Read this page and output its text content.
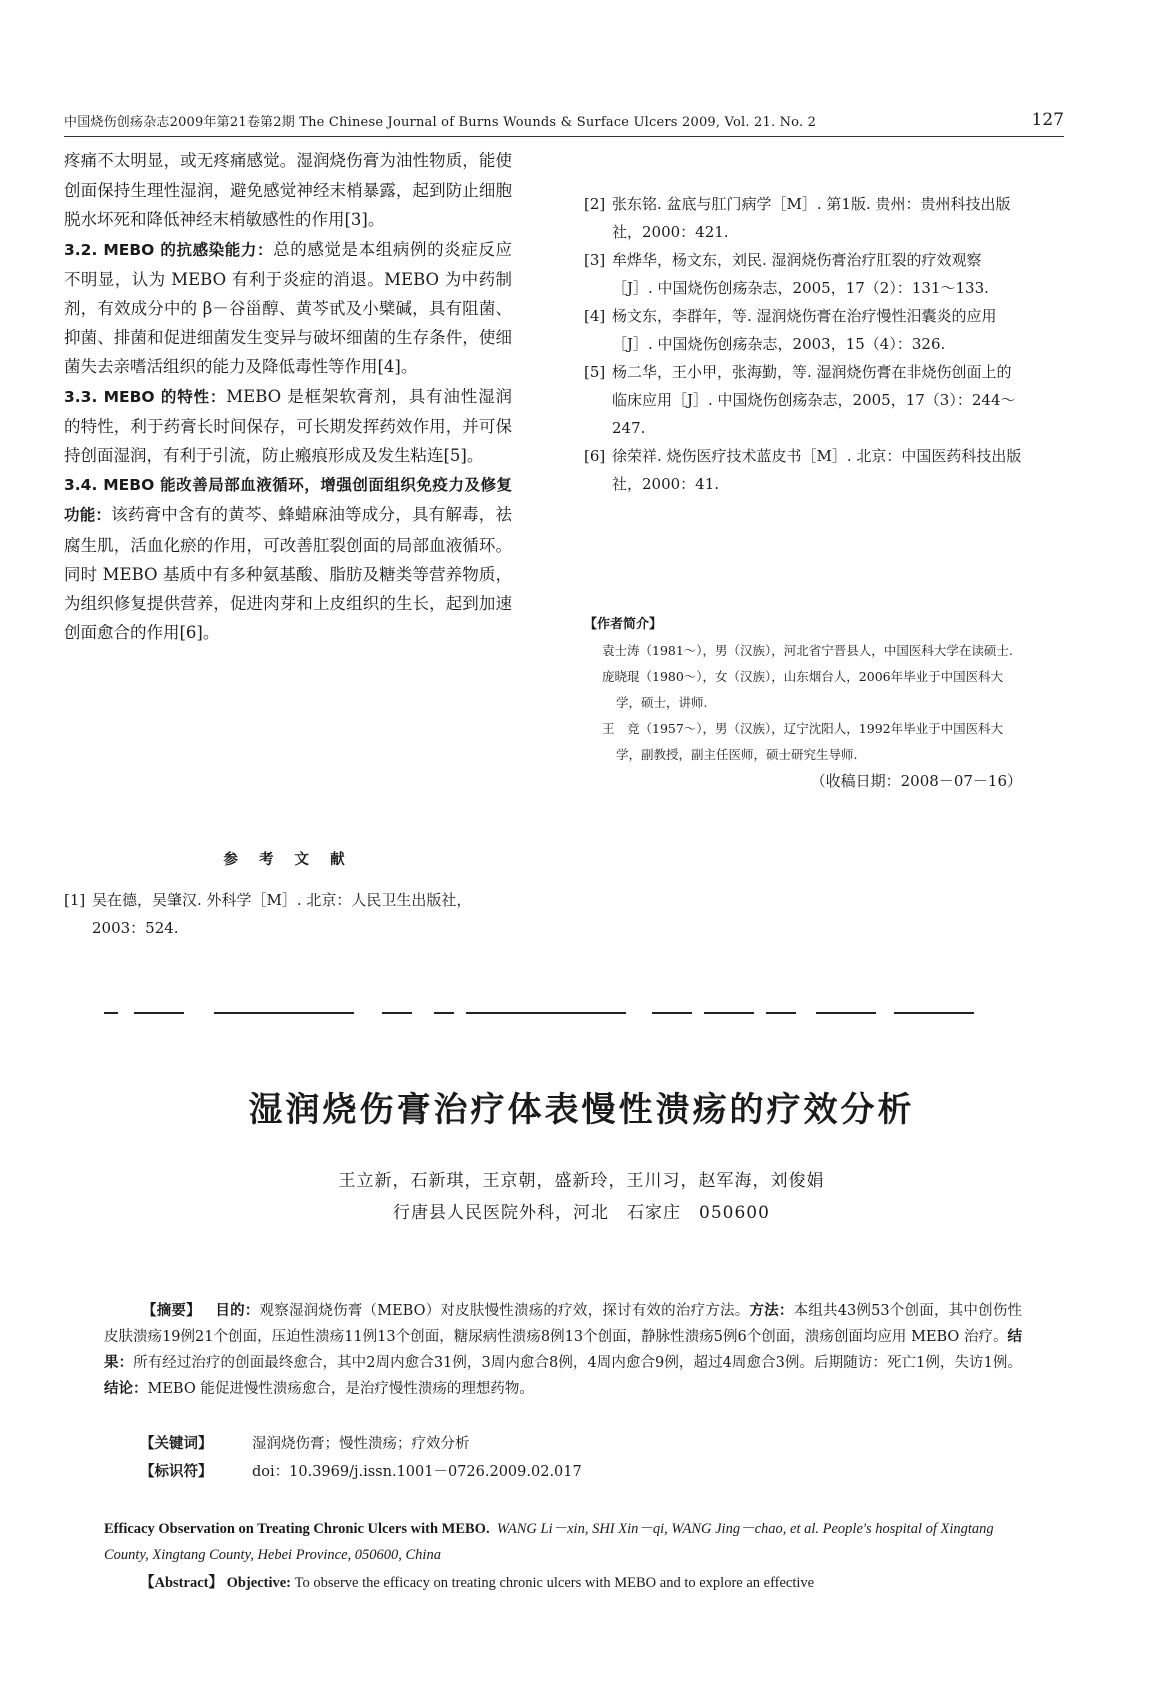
中国烧伤创疡杂志2009年第21卷第2期 The Chinese Journal of Burns Wounds & Surface Ulcers 2009, Vol. 21. No. 2	127

疼痛不太明显，或无疼痛感觉。湿润烧伤膏为油性物质，能使创面保持生理性湿润，避免感觉神经末梢暴露，起到防止细胞脱水坏死和降低神经末梢敏感性的作用[3]。

3.2. MEBO 的抗感染能力：总的感觉是本组病例的炎症反应不明显，认为 MEBO 有利于炎症的消退。MEBO 为中药制剂，有效成分中的 β－谷甾醇、黄芩甙及小檗碱，具有阻菌、抑菌、排菌和促进细菌发生变异与破坏细菌的生存条件，使细菌失去亲嗜活组织的能力及降低毒性等作用[4]。

3.3. MEBO 的特性：MEBO 是框架软膏剂，具有油性湿润的特性，利于药膏长时间保存，可长期发挥药效作用，并可保持创面湿润，有利于引流，防止瘢痕形成及发生粘连[5]。

3.4. MEBO 能改善局部血液循环，增强创面组织免疫力及修复功能：该药膏中含有的黄芩、蜂蜡麻油等成分，具有解毒，祛腐生肌，活血化瘀的作用，可改善肛裂创面的局部血液循环。同时 MEBO 基质中有多种氨基酸、脂肪及糖类等营养物质，为组织修复提供营养，促进肉芽和上皮组织的生长，起到加速创面愈合的作用[6]。

参 考 文 献
[1] 吴在德，吴肇汉. 外科学［M］. 北京：人民卫生出版社，2003：524.
[2] 张东铭. 盆底与肛门病学［M］. 第1版. 贵州：贵州科技出版社，2000：421.
[3] 牟烨华，杨文东，刘民. 湿润烧伤膏治疗肛裂的疗效观察［J］. 中国烧伤创疡杂志，2005，17（2）：131～133.
[4] 杨文东，李群年，等. 湿润烧伤膏在治疗慢性汨囊炎的应用［J］. 中国烧伤创疡杂志，2003，15（4）：326.
[5] 杨二华，王小甲，张海勤，等. 湿润烧伤膏在非烧伤创面上的临床应用［J］. 中国烧伤创疡杂志，2005，17（3）：244～247.
[6] 徐荣祥. 烧伤医疗技术蓝皮书［M］. 北京：中国医药科技出版社，2000：41.
【作者简介】
袁士涛（1981～），男（汉族），河北省宁晋县人，中国医科大学在读硕士.
庞晓琨（1980～），女（汉族），山东烟台人，2006年毕业于中国医科大学，硕士，讲师.
王　竞（1957～），男（汉族），辽宁沈阳人，1992年毕业于中国医科大学，副教授，副主任医师，硕士研究生导师.
（收稿日期：2008－07－16）
湿润烧伤膏治疗体表慢性溃疡的疗效分析
王立新，石新琪，王京朝，盛新玲，王川习，赵军海，刘俊娟
行唐县人民医院外科，河北　石家庄　050600
【摘要】 目的：观察湿润烧伤膏（MEBO）对皮肤慢性溃疡的疗效，探讨有效的治疗方法。方法：本组共43例53个创面，其中创伤性皮肤溃疡19例21个创面，压迫性溃疡11例13个创面，糖尿病性溃疡8例13个创面，静脉性溃疡5例6个创面，溃疡创面均应用 MEBO 治疗。结果：所有经过治疗的创面最终愈合，其中2周内愈合31例，3周内愈合8例，4周内愈合9例，超过4周愈合3例。后期随访：死亡1例，失访1例。结论：MEBO 能促进慢性溃疡愈合，是治疗慢性溃疡的理想药物。
【关键词】	湿润烧伤膏；慢性溃疡；疗效分析
【标识符】	doi：10.3969/j.issn.1001－0726.2009.02.017
Efficacy Observation on Treating Chronic Ulcers with MEBO. WANG Li－xin, SHI Xin－qi, WANG Jing－chao, et al. People's hospital of Xingtang County, Xingtang County, Hebei Province, 050600, China
【Abstract】 Objective: To observe the efficacy on treating chronic ulcers with MEBO and to explore an effective
